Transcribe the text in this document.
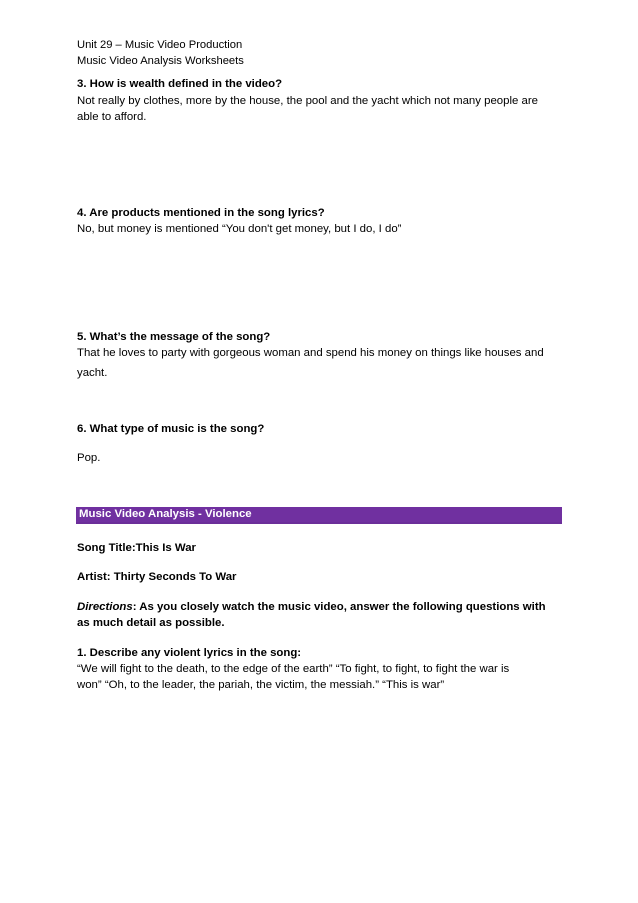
Unit 29 – Music Video Production
Music Video Analysis Worksheets
3. How is wealth defined in the video?
Not really by clothes, more by the house, the pool and the yacht which not many people are
able to afford.
4. Are products mentioned in the song lyrics?
No, but money is mentioned “You don't get money, but I do, I do”
5. What’s the message of the song?
That he loves to party with gorgeous woman and spend his money on things like houses and
yacht.
6. What type of music is the song?
Pop.
Music Video Analysis - Violence
Song Title:This Is War
Artist: Thirty Seconds To War
Directions: As you closely watch the music video, answer the following questions with
as much detail as possible.
1. Describe any violent lyrics in the song:
“We will fight to the death, to the edge of the earth” “To fight, to fight, to fight the war is
won” “Oh, to the leader, the pariah, the victim, the messiah.” “This is war”
